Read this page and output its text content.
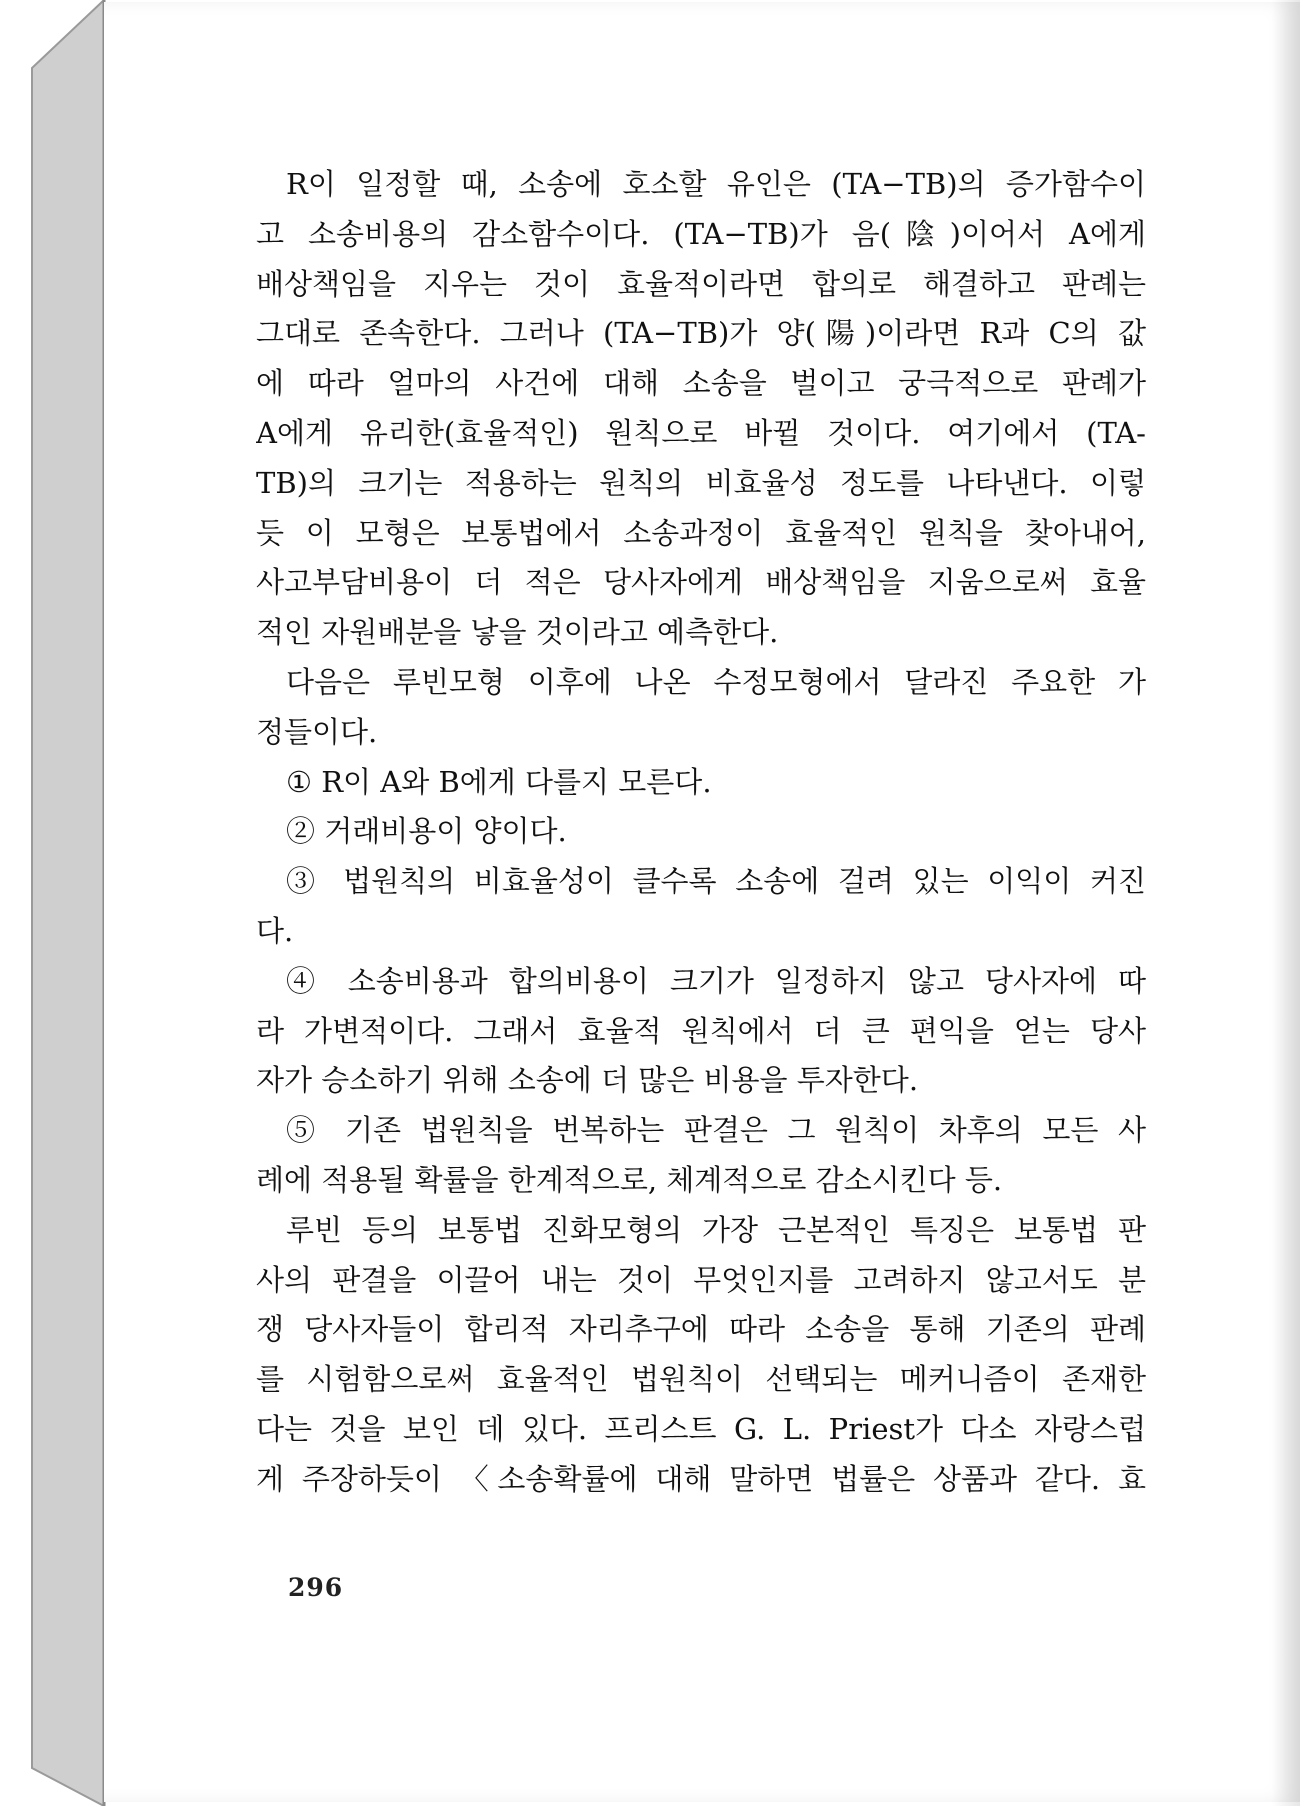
R이 일정할 때, 소송에 호소할 유인은 (TA−TB)의 증가함수이
고 소송비용의 감소함수이다. (TA−TB)가 음(陰)이어서 A에게
배상책임을 지우는 것이 효율적이라면 합의로 해결하고 판례는
그대로 존속한다. 그러나 (TA−TB)가 양(陽)이라면 R과 C의 값
에 따라 얼마의 사건에 대해 소송을 벌이고 궁극적으로 판례가
A에게 유리한(효율적인) 원칙으로 바뀔 것이다. 여기에서 (TA-
TB)의 크기는 적용하는 원칙의 비효율성 정도를 나타낸다. 이렇
듯 이 모형은 보통법에서 소송과정이 효율적인 원칙을 찾아내어,
사고부담비용이 더 적은 당사자에게 배상책임을 지움으로써 효율
적인 자원배분을 낳을 것이라고 예측한다.
다음은 루빈모형 이후에 나온 수정모형에서 달라진 주요한 가
정들이다.
① R이 A와 B에게 다를지 모른다.
② 거래비용이 양이다.
③ 법원칙의 비효율성이 클수록 소송에 걸려 있는 이익이 커진
다.
④ 소송비용과 합의비용이 크기가 일정하지 않고 당사자에 따
라 가변적이다. 그래서 효율적 원칙에서 더 큰 편익을 얻는 당사
자가 승소하기 위해 소송에 더 많은 비용을 투자한다.
⑤ 기존 법원칙을 번복하는 판결은 그 원칙이 차후의 모든 사
례에 적용될 확률을 한계적으로, 체계적으로 감소시킨다 등.
루빈 등의 보통법 진화모형의 가장 근본적인 특징은 보통법 판
사의 판결을 이끌어 내는 것이 무엇인지를 고려하지 않고서도 분
쟁 당사자들이 합리적 자리추구에 따라 소송을 통해 기존의 판례
를 시험함으로써 효율적인 법원칙이 선택되는 메커니즘이 존재한
다는 것을 보인 데 있다. 프리스트 G. L. Priest가 다소 자랑스럽
게 주장하듯이 〈소송확률에 대해 말하면 법률은 상품과 같다. 효
296
